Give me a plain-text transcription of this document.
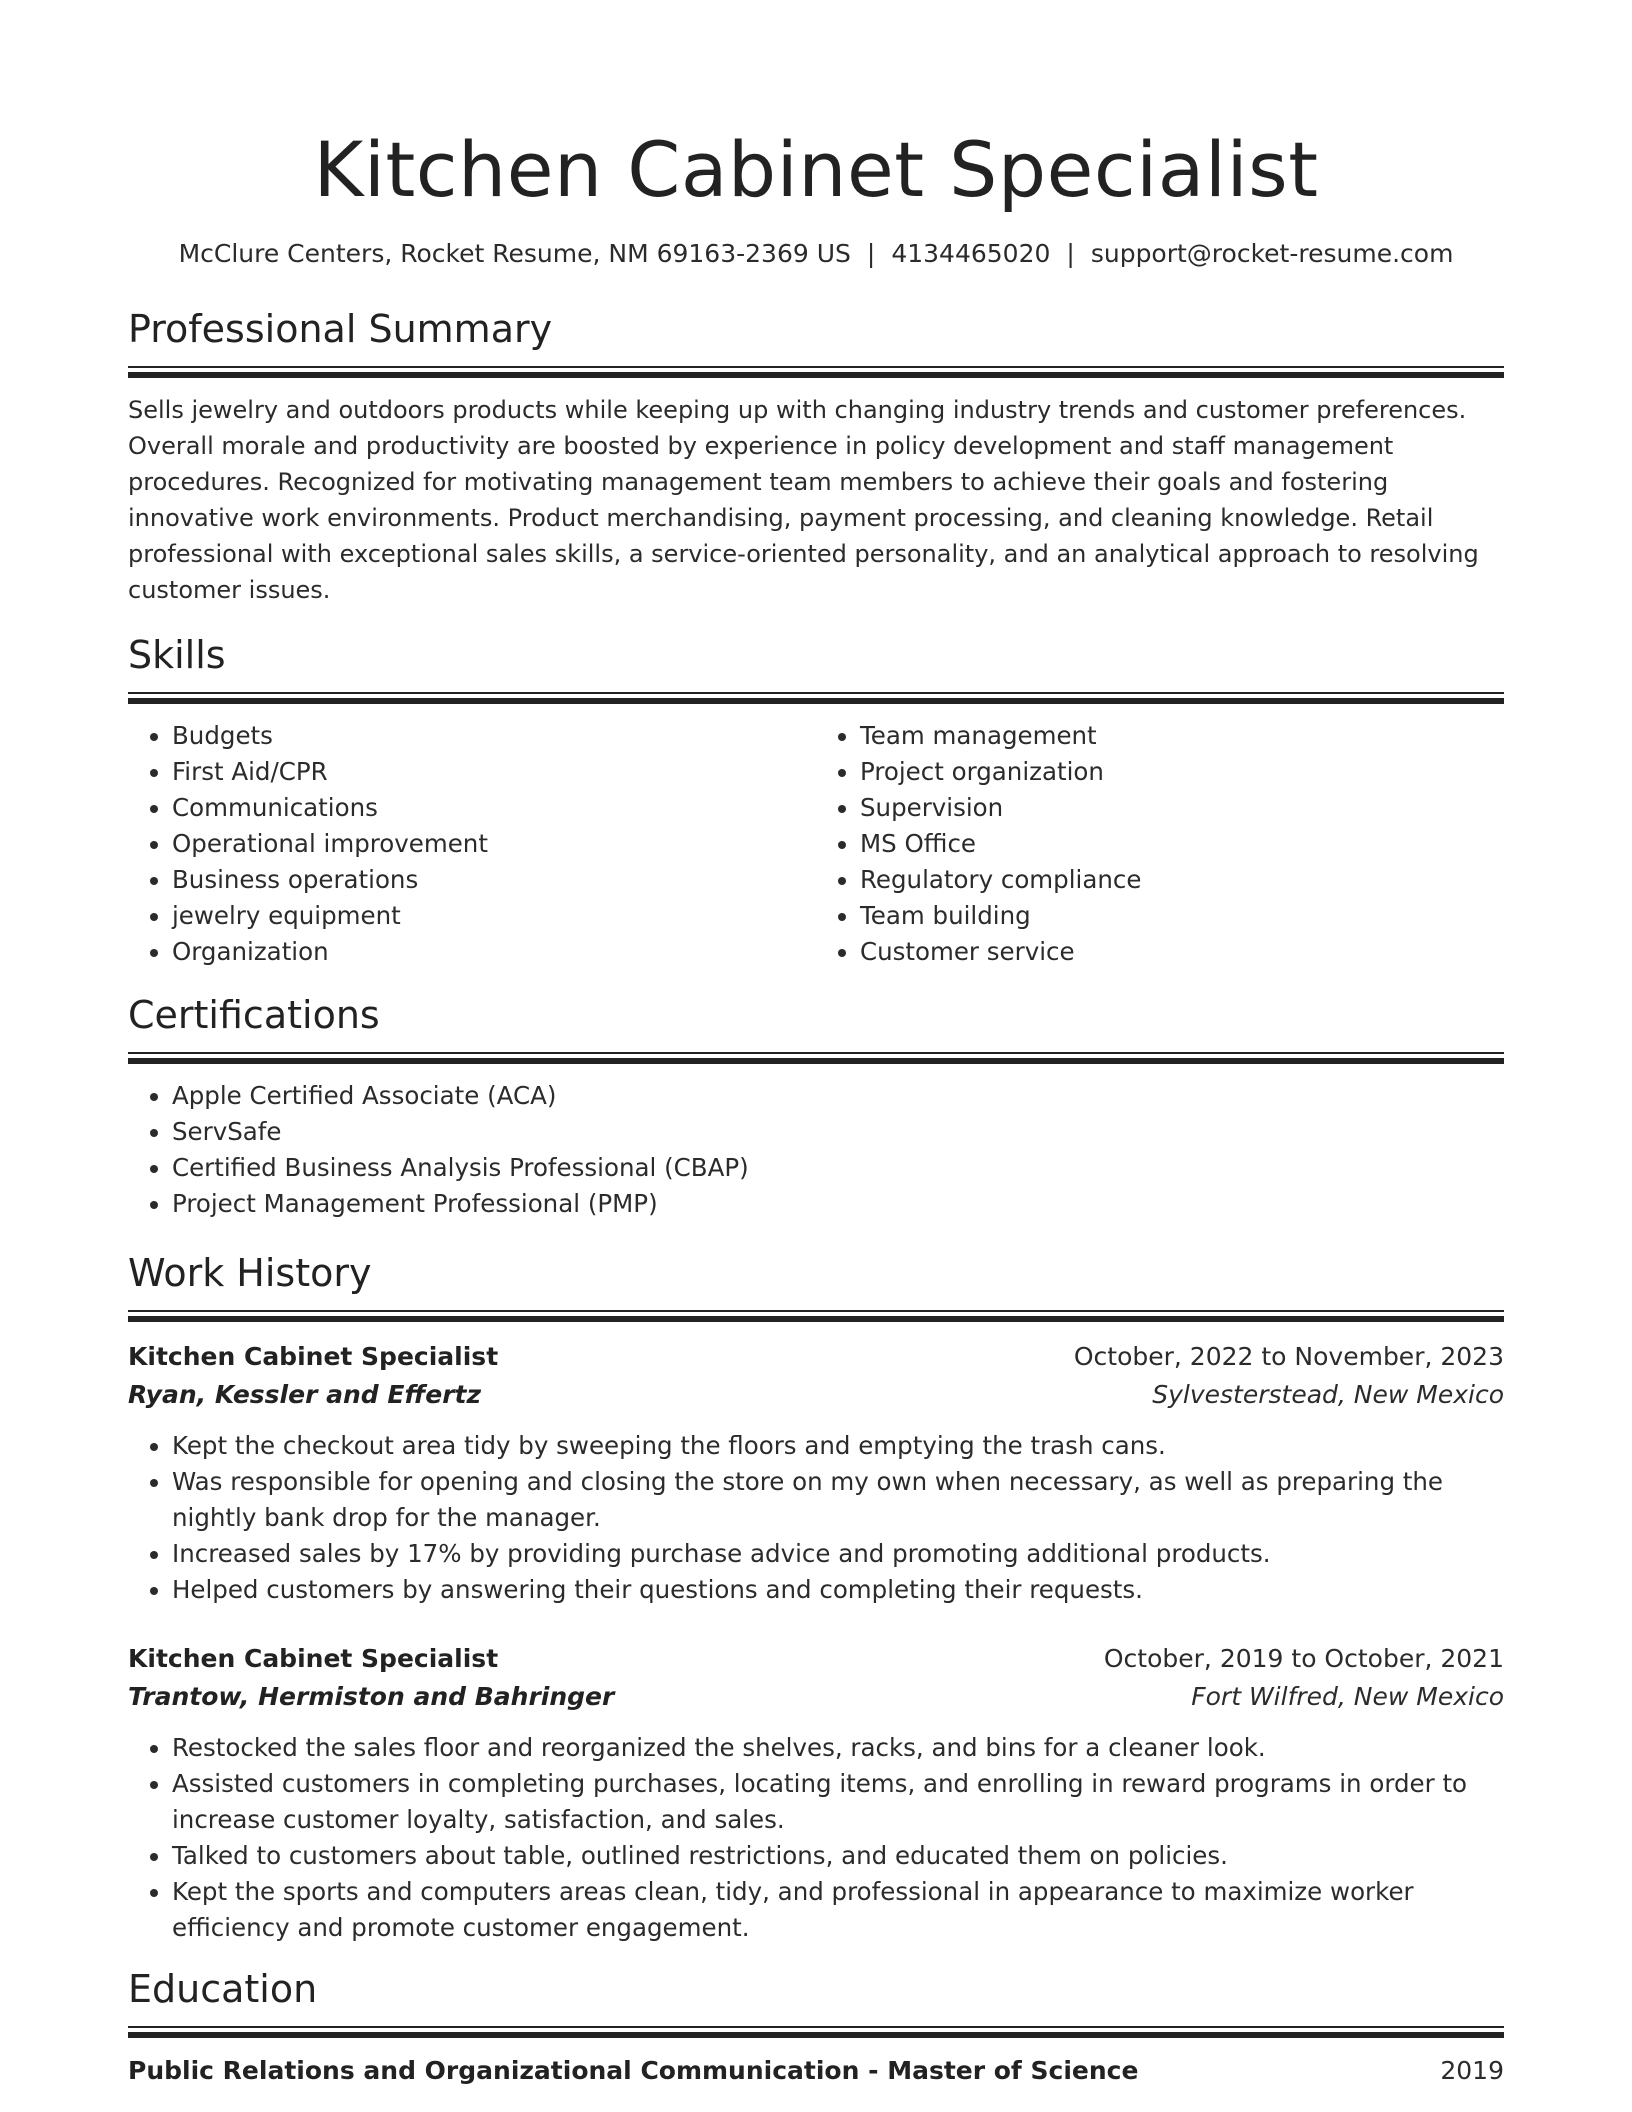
Kitchen Cabinet Specialist
McClure Centers, Rocket Resume, NM 69163-2369 US | 4134465020 | support@rocket-resume.com
Professional Summary
Sells jewelry and outdoors products while keeping up with changing industry trends and customer preferences. Overall morale and productivity are boosted by experience in policy development and staff management procedures. Recognized for motivating management team members to achieve their goals and fostering innovative work environments. Product merchandising, payment processing, and cleaning knowledge. Retail professional with exceptional sales skills, a service-oriented personality, and an analytical approach to resolving customer issues.
Skills
• Budgets
• First Aid/CPR
• Communications
• Operational improvement
• Business operations
• jewelry equipment
• Organization
• Team management
• Project organization
• Supervision
• MS Office
• Regulatory compliance
• Team building
• Customer service
Certifications
• Apple Certified Associate (ACA)
• ServSafe
• Certified Business Analysis Professional (CBAP)
• Project Management Professional (PMP)
Work History
Kitchen Cabinet Specialist	October, 2022 to November, 2023
Ryan, Kessler and Effertz	Sylvesterstead, New Mexico
• Kept the checkout area tidy by sweeping the floors and emptying the trash cans.
• Was responsible for opening and closing the store on my own when necessary, as well as preparing the nightly bank drop for the manager.
• Increased sales by 17% by providing purchase advice and promoting additional products.
• Helped customers by answering their questions and completing their requests.
Kitchen Cabinet Specialist	October, 2019 to October, 2021
Trantow, Hermiston and Bahringer	Fort Wilfred, New Mexico
• Restocked the sales floor and reorganized the shelves, racks, and bins for a cleaner look.
• Assisted customers in completing purchases, locating items, and enrolling in reward programs in order to increase customer loyalty, satisfaction, and sales.
• Talked to customers about table, outlined restrictions, and educated them on policies.
• Kept the sports and computers areas clean, tidy, and professional in appearance to maximize worker efficiency and promote customer engagement.
Education
Public Relations and Organizational Communication - Master of Science	2019
